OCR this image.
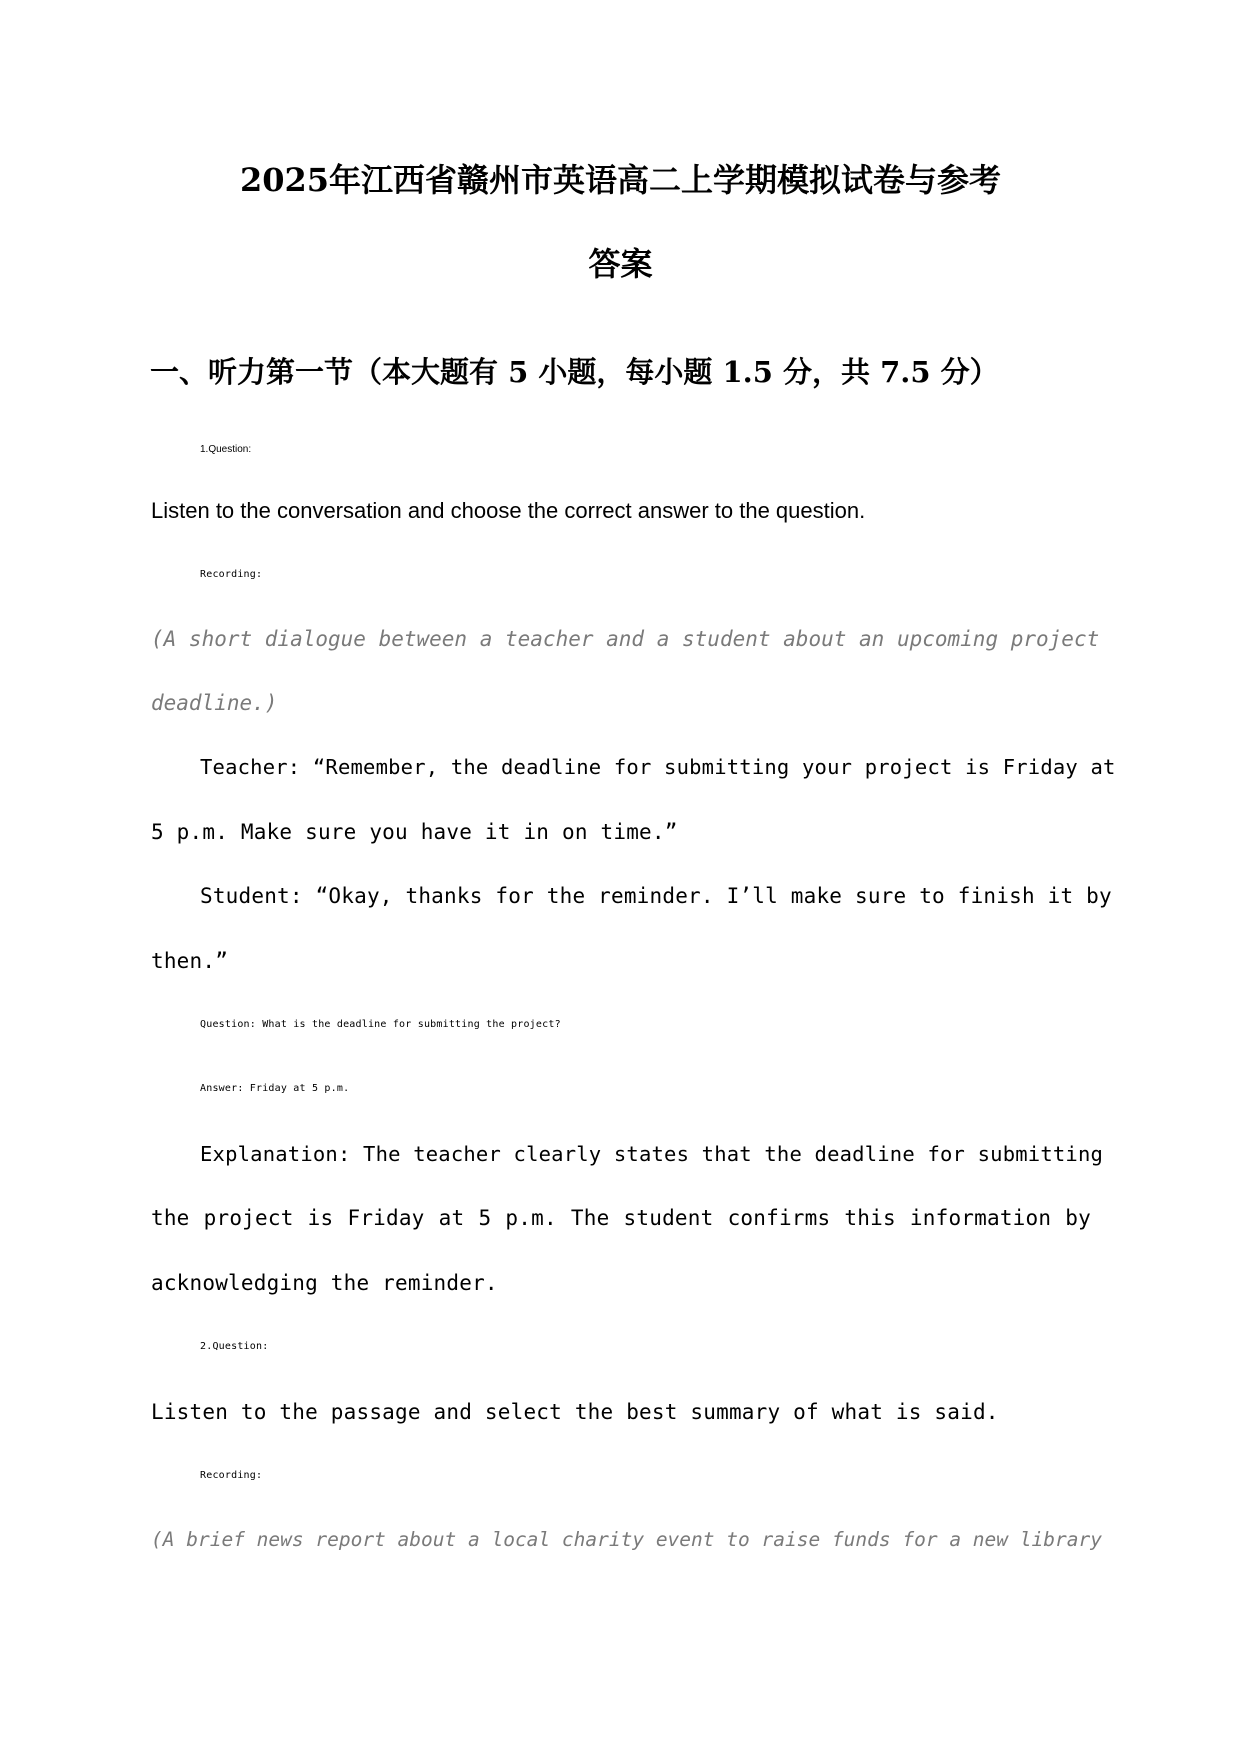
2025年江西省赣州市英语高二上学期模拟试卷与参考
答案
一、听力第一节（本大题有 5 小题，每小题 1.5 分，共 7.5 分）

1.Question:

Listen to the conversation and choose the correct answer to the question.

Recording:

(A short dialogue between a teacher and a student about an upcoming project

deadline.)

Teacher: “Remember, the deadline for submitting your project is Friday at

5 p.m. Make sure you have it in on time.”

Student: “Okay, thanks for the reminder. I’ll make sure to finish it by

then.”

Question: What is the deadline for submitting the project?

Answer: Friday at 5 p.m.

Explanation: The teacher clearly states that the deadline for submitting

the project is Friday at 5 p.m. The student confirms this information by

acknowledging the reminder.

2.Question:

Listen to the passage and select the best summary of what is said.

Recording:

(A brief news report about a local charity event to raise funds for a new library
